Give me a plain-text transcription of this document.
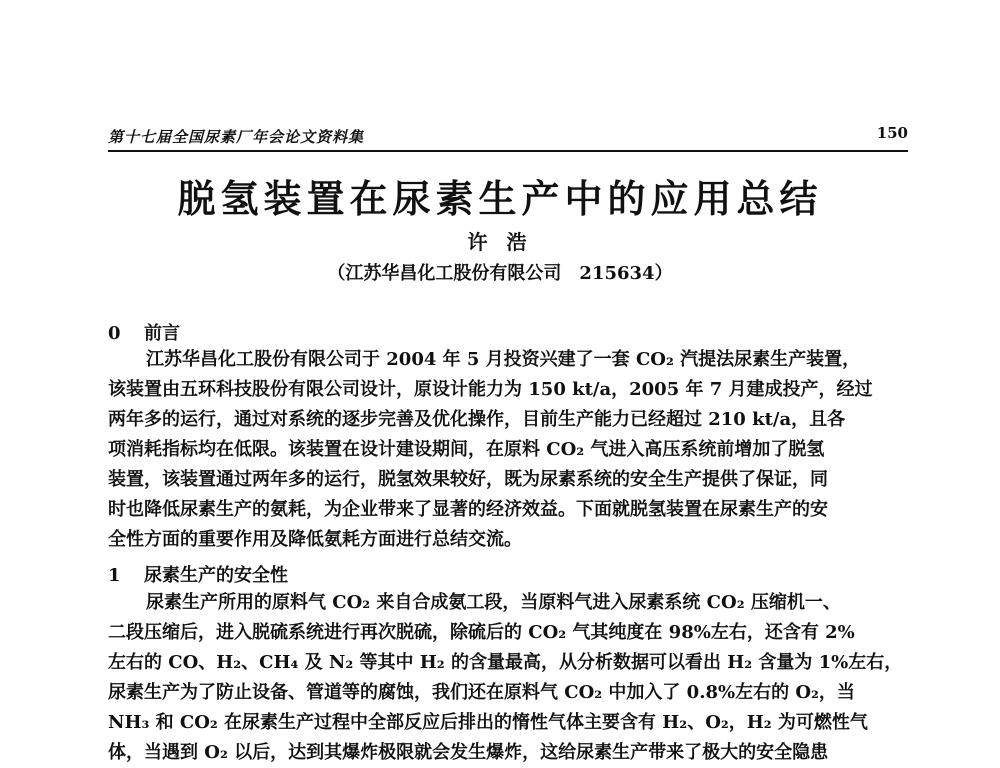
第十七届全国尿素厂年会论文资料集	150
脱氢装置在尿素生产中的应用总结
许 浩
（江苏华昌化工股份有限公司　215634）
0 前言
江苏华昌化工股份有限公司于 2004 年 5 月投资兴建了一套 CO₂ 汽提法尿素生产装置，
该装置由五环科技股份有限公司设计，原设计能力为 150 kt/a，2005 年 7 月建成投产，经过
两年多的运行，通过对系统的逐步完善及优化操作，目前生产能力已经超过 210 kt/a，且各
项消耗指标均在低限。该装置在设计建设期间，在原料 CO₂ 气进入高压系统前增加了脱氢
装置，该装置通过两年多的运行，脱氢效果较好，既为尿素系统的安全生产提供了保证，同
时也降低尿素生产的氨耗，为企业带来了显著的经济效益。下面就脱氢装置在尿素生产的安
全性方面的重要作用及降低氨耗方面进行总结交流。
1 尿素生产的安全性
尿素生产所用的原料气 CO₂ 来自合成氨工段，当原料气进入尿素系统 CO₂ 压缩机一、
二段压缩后，进入脱硫系统进行再次脱硫，除硫后的 CO₂ 气其纯度在 98%左右，还含有 2%
左右的 CO、H₂、CH₄ 及 N₂ 等其中 H₂ 的含量最高，从分析数据可以看出 H₂ 含量为 1%左右，
尿素生产为了防止设备、管道等的腐蚀，我们还在原料气 CO₂ 中加入了 0.8%左右的 O₂，当
NH₃ 和 CO₂ 在尿素生产过程中全部反应后排出的惰性气体主要含有 H₂、O₂，H₂ 为可燃性气
体，当遇到 O₂ 以后，达到其爆炸极限就会发生爆炸，这给尿素生产带来了极大的安全隐患
